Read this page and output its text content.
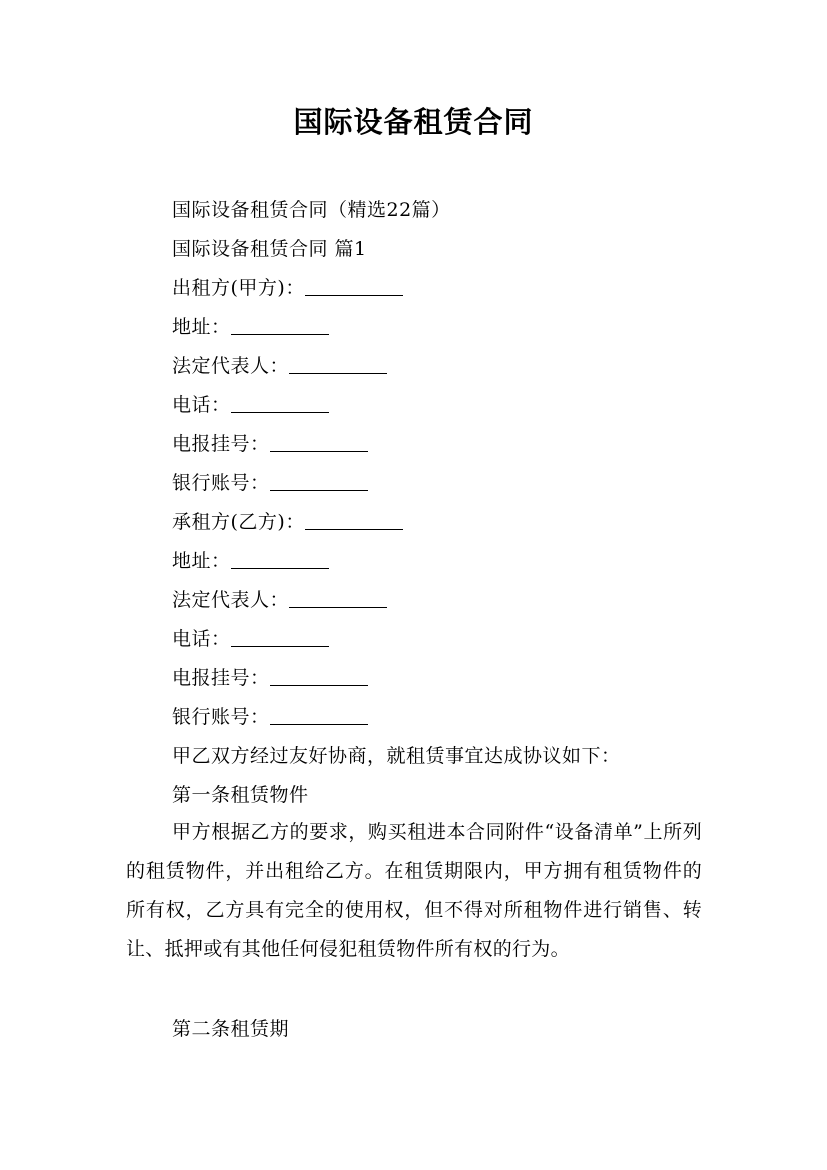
国际设备租赁合同
国际设备租赁合同（精选22篇）
国际设备租赁合同 篇1
出租方(甲方)：
地址：
法定代表人：
电话：
电报挂号：
银行账号：
承租方(乙方)：
地址：
法定代表人：
电话：
电报挂号：
银行账号：
甲乙双方经过友好协商，就租赁事宜达成协议如下：
第一条租赁物件
甲方根据乙方的要求，购买租进本合同附件“设备清单”上所列的租赁物件，并出租给乙方。在租赁期限内，甲方拥有租赁物件的所有权，乙方具有完全的使用权，但不得对所租物件进行销售、转让、抵押或有其他任何侵犯租赁物件所有权的行为。
第二条租赁期
